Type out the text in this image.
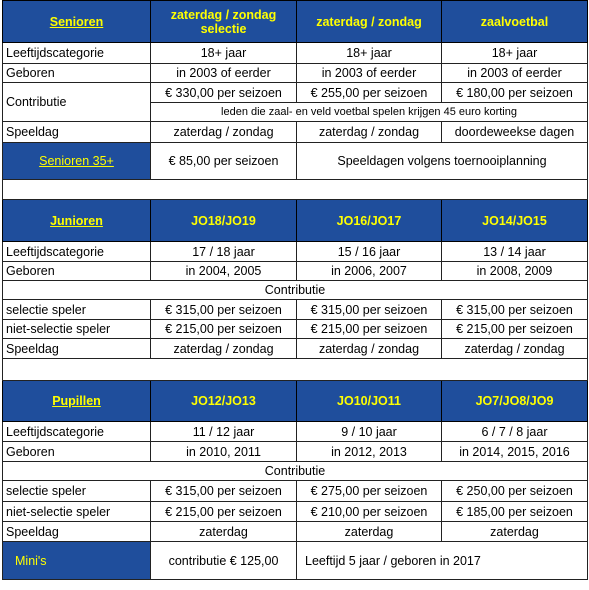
Senioren	zaterdag / zondag selectie	zaterdag / zondag	zaalvoetbal
Leeftijdscategorie	18+ jaar	18+ jaar	18+ jaar
Geboren	in 2003 of eerder	in 2003 of eerder	in 2003 of eerder
Contributie	€ 330,00 per seizoen	€ 255,00 per seizoen	€ 180,00 per seizoen
	leden die zaal- en veld voetbal spelen krijgen 45 euro korting		
Speeldag	zaterdag / zondag	zaterdag / zondag	doordeweekse dagen
Senioren 35+	€ 85,00 per seizoen	Speeldagen volgens toernooiplanning	

Junioren	JO18/JO19	JO16/JO17	JO14/JO15
Leeftijdscategorie	17 / 18 jaar	15 / 16 jaar	13 / 14 jaar
Geboren	in 2004, 2005	in 2006, 2007	in 2008, 2009
Contributie			
selectie speler	€ 315,00 per seizoen	€ 315,00 per seizoen	€ 315,00 per seizoen
niet-selectie speler	€ 215,00 per seizoen	€ 215,00 per seizoen	€ 215,00 per seizoen
Speeldag	zaterdag / zondag	zaterdag / zondag	zaterdag / zondag

Pupillen	JO12/JO13	JO10/JO11	JO7/JO8/JO9
Leeftijdscategorie	11 / 12 jaar	9 / 10 jaar	6 / 7 / 8 jaar
Geboren	in 2010, 2011	in 2012, 2013	in 2014, 2015, 2016
Contributie			
selectie speler	€ 315,00 per seizoen	€ 275,00 per seizoen	€ 250,00 per seizoen
niet-selectie speler	€ 215,00 per seizoen	€ 210,00 per seizoen	€ 185,00 per seizoen
Speeldag	zaterdag	zaterdag	zaterdag
Mini's	contributie € 125,00	Leeftijd 5 jaar / geboren in 2017	
